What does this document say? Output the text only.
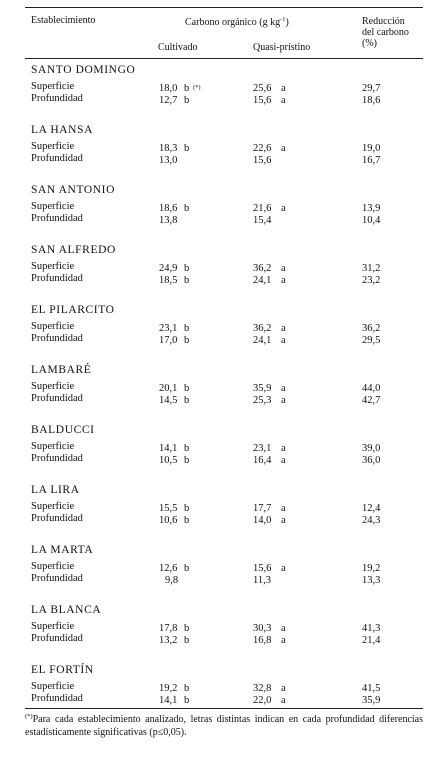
Establecimiento	Carbono orgánico (g $kg^{-1}$)
Cultivado	Quasi-prístino
Reducción
del carbono
(%)
SANTO DOMINGO
Superficie	18,0 b (*)	25,6 a	29,7
Profundidad	12,7 b	15,6 a	18,6
LA HANSA
Superficie	18,3 b	22,6 a	19,0
Profundidad	13,0	15,6	16,7
SAN ANTONIO
Superficie	18,6 b	21,6 a	13,9
Profundidad	13,8	15,4	10,4
SAN ALFREDO
Superficie	24,9 b	36,2 a	31,2
Profundidad	18,5 b	24,1 a	23,2
EL PILARCITO
Superficie	23,1 b	36,2 a	36,2
Profundidad	17,0 b	24,1 a	29,5
LAMBARÉ
Superficie	20,1 b	35,9 a	44,0
Profundidad	14,5 b	25,3 a	42,7
BALDUCCI
Superficie	14,1 b	23,1 a	39,0
Profundidad	10,5 b	16,4 a	36,0
LA LIRA
Superficie	15,5 b	17,7 a	12,4
Profundidad	10,6 b	14,0 a	24,3
LA MARTA
Superficie	12,6 b	15,6 a	19,2
Profundidad	9,8	11,3	13,3
LA BLANCA
Superficie	17,8 b	30,3 a	41,3
Profundidad	13,2 b	16,8 a	21,4
EL FORTÍN
Superficie	19,2 b	32,8 a	41,5
Profundidad	14,1 b	22,0 a	35,9
(*)Para cada establecimiento analizado, letras distintas indican en cada profundidad diferencias estadísticamente significativas (p≤0,05).
